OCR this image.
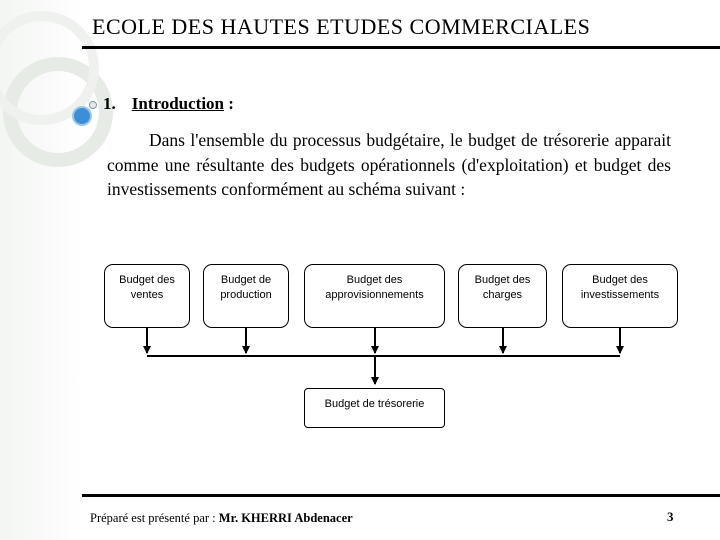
ECOLE DES HAUTES ETUDES COMMERCIALES
1. Introduction :
Dans l'ensemble du processus budgétaire, le budget de trésorerie apparait comme une résultante des budgets opérationnels (d'exploitation) et budget des investissements conformément au schéma suivant :
Budget des ventes
Budget de production
Budget des approvisionnements
Budget des charges
Budget des investissements
Budget de trésorerie
Préparé est présenté par : Mr. KHERRI Abdenacer	3
